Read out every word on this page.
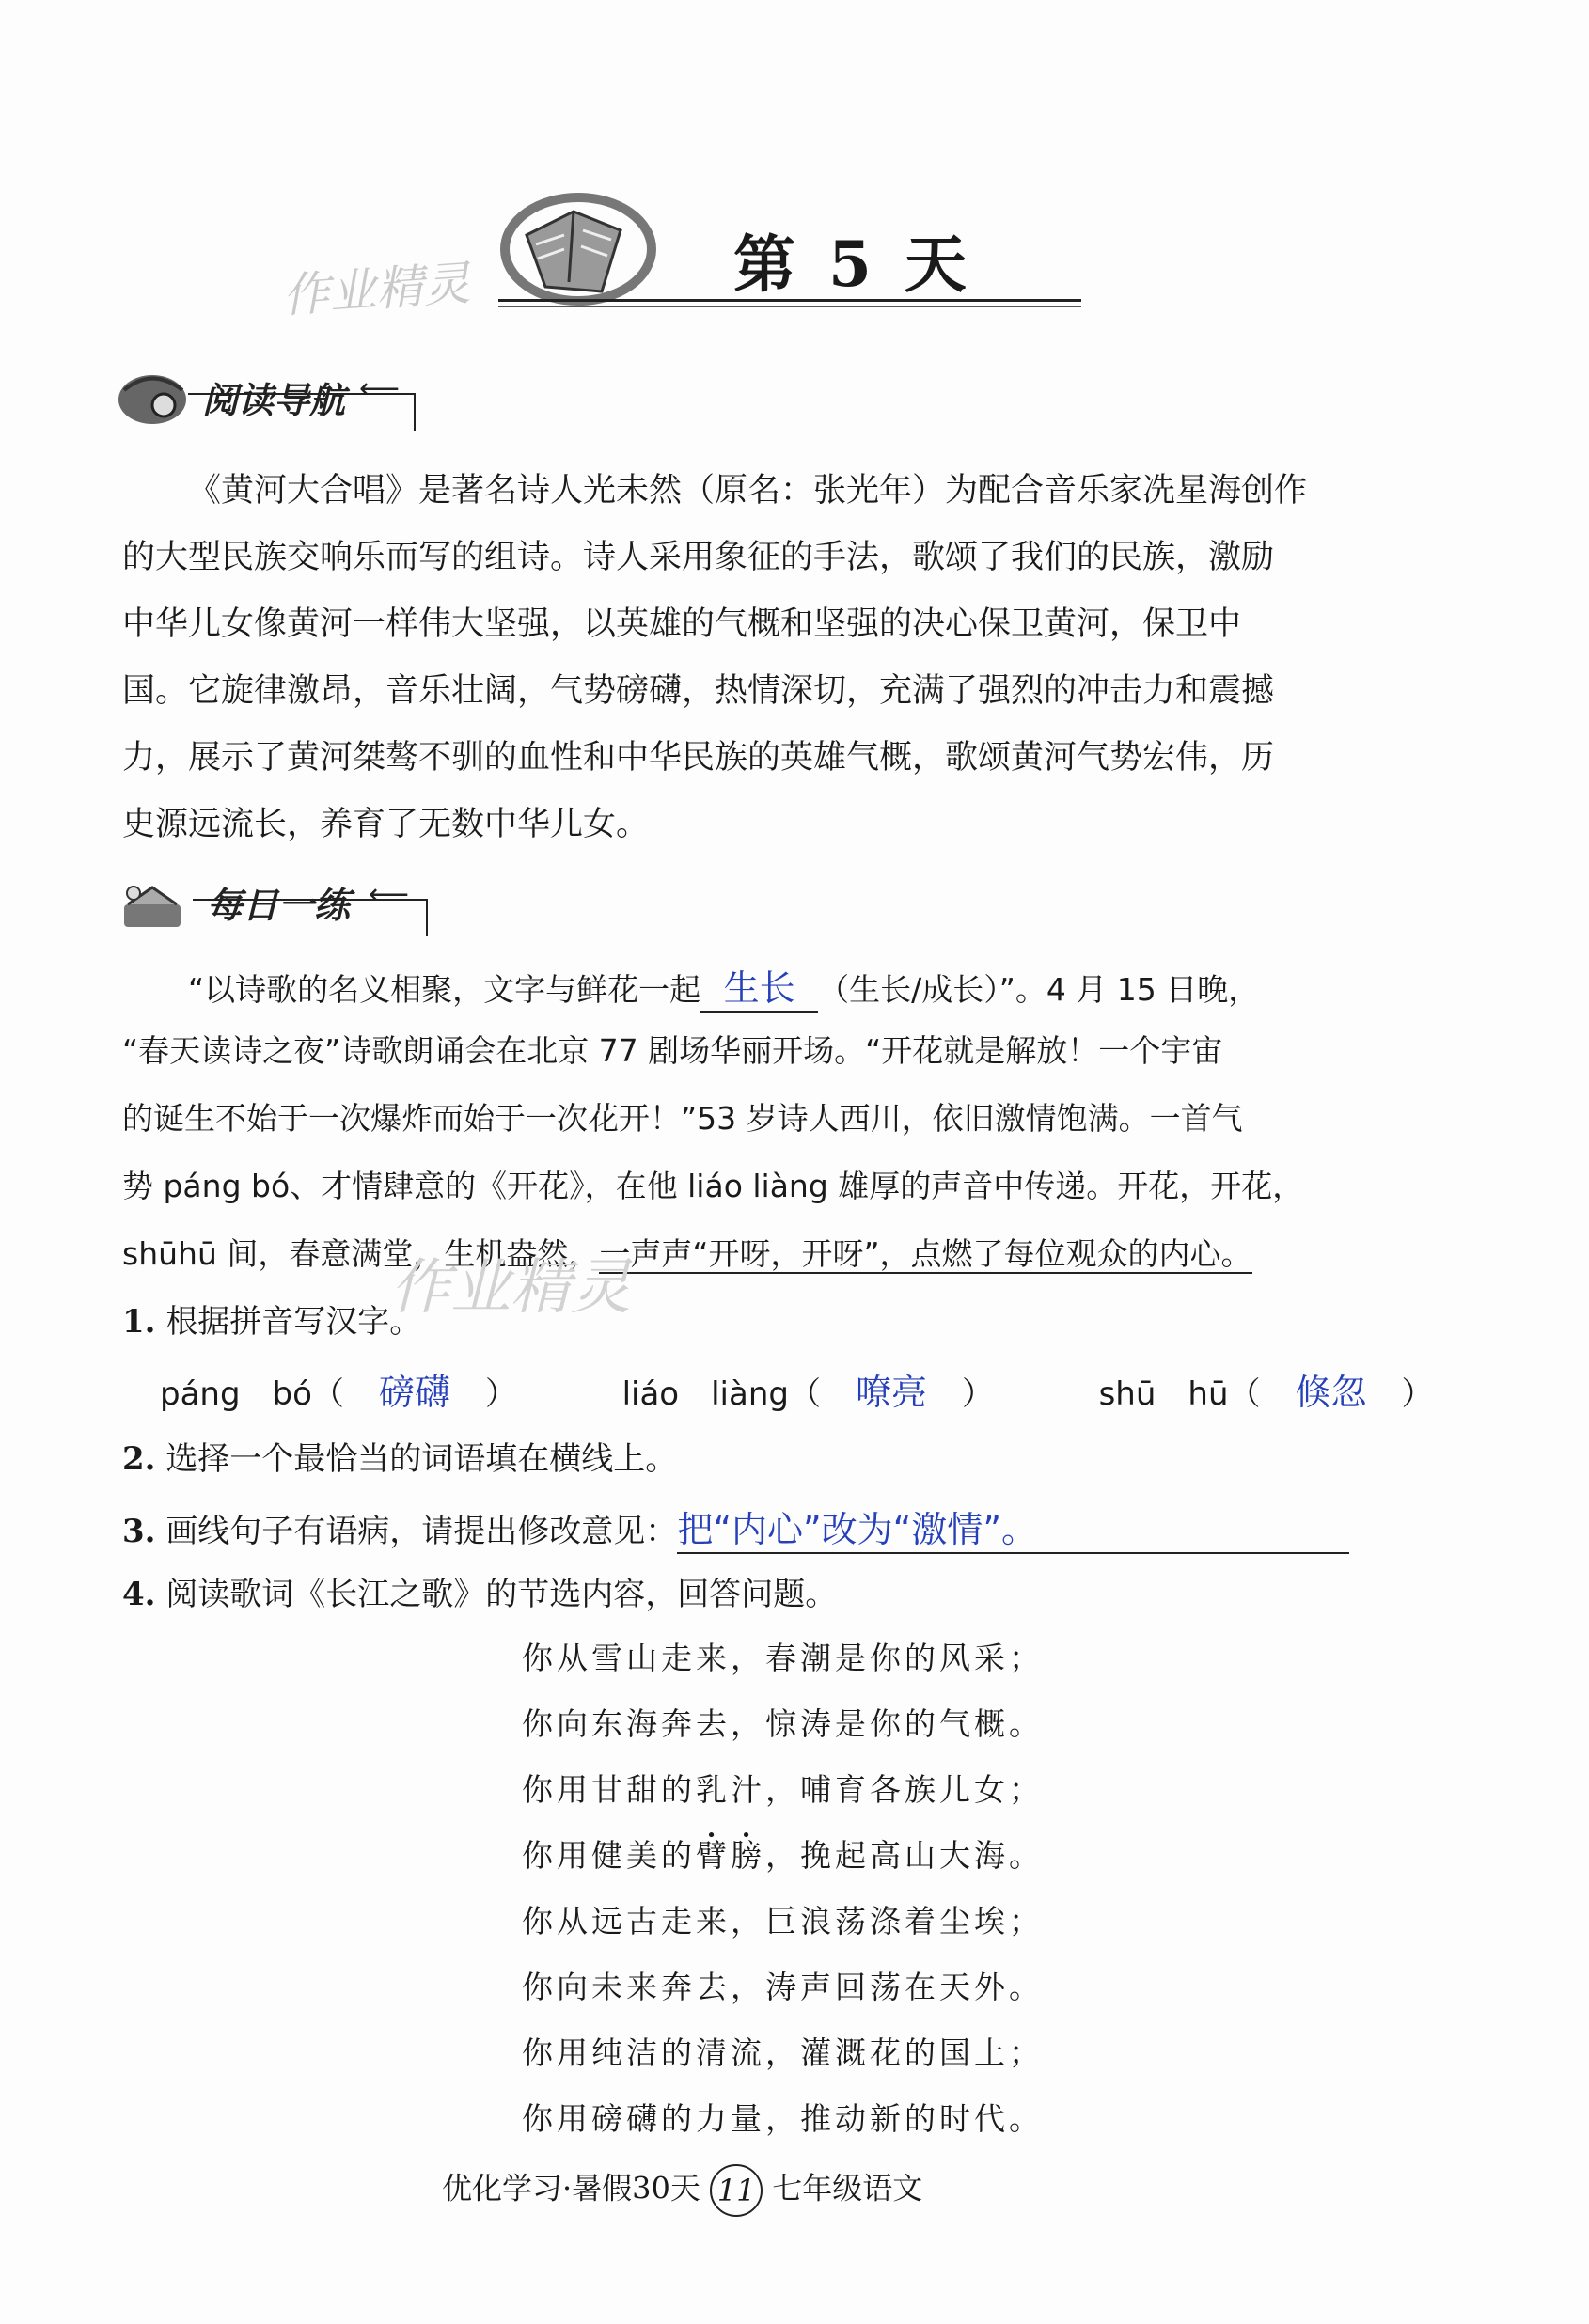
作业精灵	第 5 天
阅读导航 ⟵
《黄河大合唱》是著名诗人光未然（原名：张光年）为配合音乐家冼星海创作
的大型民族交响乐而写的组诗。诗人采用象征的手法，歌颂了我们的民族，激励
中华儿女像黄河一样伟大坚强，以英雄的气概和坚强的决心保卫黄河，保卫中
国。它旋律激昂，音乐壮阔，气势磅礴，热情深切，充满了强烈的冲击力和震撼
力，展示了黄河桀骜不驯的血性和中华民族的英雄气概，歌颂黄河气势宏伟，历
史源远流长，养育了无数中华儿女。
每日一练 ⟵
“以诗歌的名义相聚，文字与鲜花一起 生长 （生长/成长）”。4 月 15 日晚，
“春天读诗之夜”诗歌朗诵会在北京 77 剧场华丽开场。“开花就是解放！一个宇宙
的诞生不始于一次爆炸而始于一次花开！”53 岁诗人西川，依旧激情饱满。一首气
势 páng bó、才情肆意的《开花》，在他 liáo liàng 雄厚的声音中传递。开花，开花，
shūhū 间，春意满堂，生机盎然，一声声“开呀，开呀”，点燃了每位观众的内心。
作业精灵
1. 根据拼音写汉字。
páng　bó（ 磅礴 ）	liáo　liàng（ 嘹亮 ）	shū　hū（ 倏忽 ）
2. 选择一个最恰当的词语填在横线上。
3. 画线句子有语病，请提出修改意见：把“内心”改为“激情”。
4. 阅读歌词《长江之歌》的节选内容，回答问题。
你从雪山走来，春潮是你的风采；
你向东海奔去，惊涛是你的气概。
你用甘甜的乳汁，哺育各族儿女；
你用健美的臂膀，挽起高山大海。
你从远古走来，巨浪荡涤着尘埃；
你向未来奔去，涛声回荡在天外。
你用纯洁的清流，灌溉花的国土；
你用磅礴的力量，推动新的时代。
优化学习·暑假30天 11 七年级语文
